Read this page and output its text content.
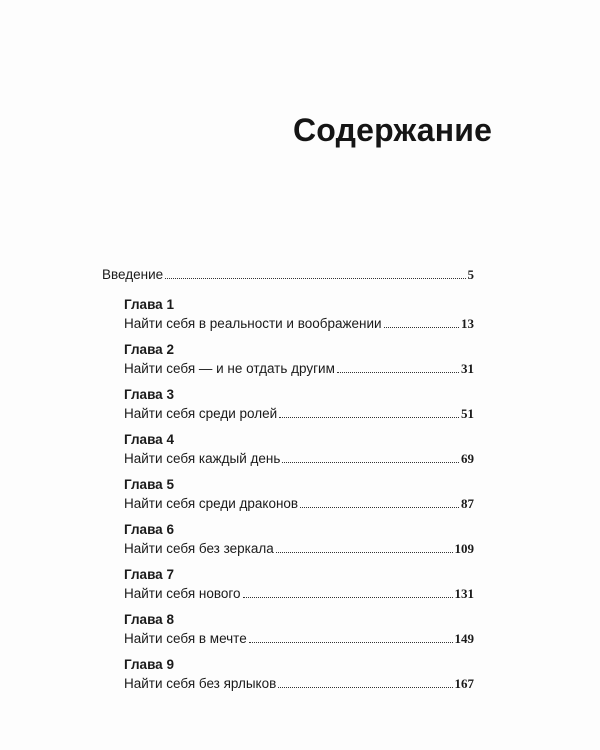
Содержание
Введение	5
Глава 1
Найти себя в реальности и воображении	13
Глава 2
Найти себя — и не отдать другим	31
Глава 3
Найти себя среди ролей	51
Глава 4
Найти себя каждый день	69
Глава 5
Найти себя среди драконов	87
Глава 6
Найти себя без зеркала	109
Глава 7
Найти себя нового	131
Глава 8
Найти себя в мечте	149
Глава 9
Найти себя без ярлыков	167
